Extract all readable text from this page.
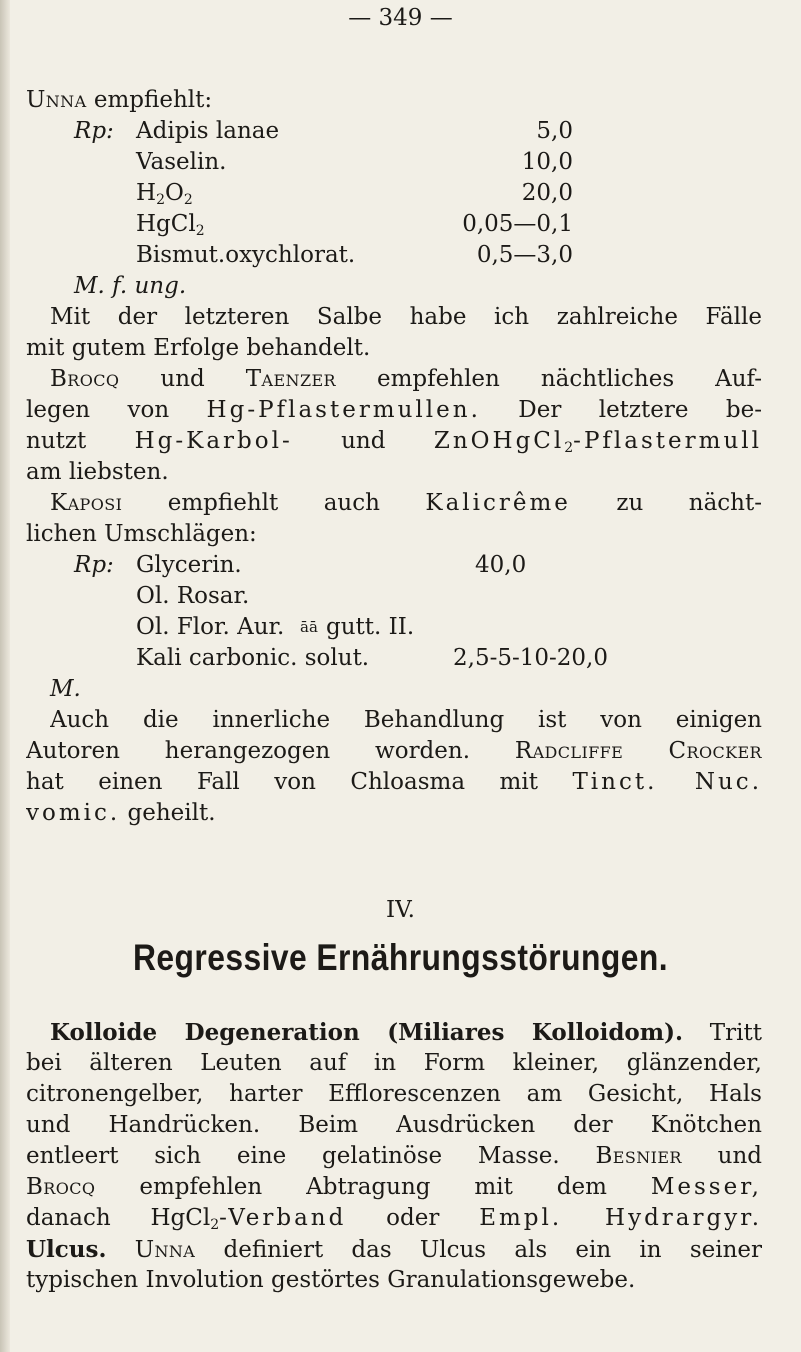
— 349 —

Unna empfiehlt:

Rp: Adipis lanae	5,0

Vaselin.	10,0

$H_2O_2$	20,0

HgCl$_2$	0,05—0,1

Bismut.oxychlorat.	0,5—3,0

M. f. ung.

Mit der letzteren Salbe habe ich zahlreiche Fälle

mit gutem Erfolge behandelt.

Brocq und Taenzer empfehlen nächtliches Auf-

legen von Hg-Pflastermullen. Der letztere be-

nutzt Hg-Karbol- und ZnOHgCl$_2$-Pflastermull

am liebsten.

Kaposi empfiehlt auch Kalicrême zu nächt-

lichen Umschlägen:

Rp: Glycerin.	40,0

Ol. Rosar.

Ol. Flor. Aur. āā gutt. II.

Kali carbonic. solut.	2,5-5-10-20,0

M.

Auch die innerliche Behandlung ist von einigen

Autoren herangezogen worden. Radcliffe Crocker

hat einen Fall von Chloasma mit Tinct. Nuc.

vomic. geheilt.

IV.

Regressive Ernährungsstörungen.

Kolloide Degeneration (Miliares Kolloidom). Tritt

bei älteren Leuten auf in Form kleiner, glänzender,

citronengelber, harter Efflorescenzen am Gesicht, Hals

und Handrücken. Beim Ausdrücken der Knötchen

entleert sich eine gelatinöse Masse. Besnier und

Brocq empfehlen Abtragung mit dem Messer,

danach HgCl$_2$-Verband oder Empl. Hydrargyr.

Ulcus. Unna definiert das Ulcus als ein in seiner

typischen Involution gestörtes Granulationsgewebe.
